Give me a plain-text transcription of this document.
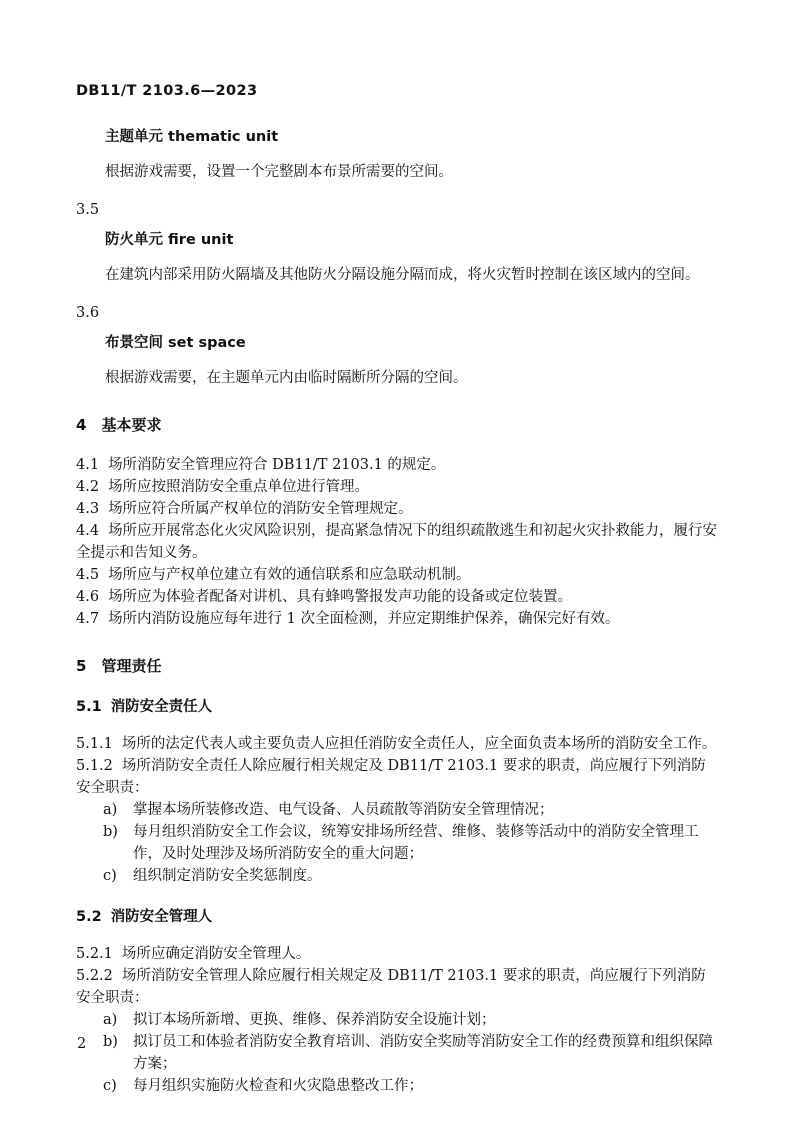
DB11/T 2103.6—2023
主题单元 thematic unit

根据游戏需要，设置一个完整剧本布景所需要的空间。

3.5

防火单元 fire unit

在建筑内部采用防火隔墙及其他防火分隔设施分隔而成，将火灾暂时控制在该区域内的空间。

3.6

布景空间 set space

根据游戏需要，在主题单元内由临时隔断所分隔的空间。

4 基本要求

4.1 场所消防安全管理应符合 DB11/T 2103.1 的规定。

4.2 场所应按照消防安全重点单位进行管理。

4.3 场所应符合所属产权单位的消防安全管理规定。

4.4 场所应开展常态化火灾风险识别，提高紧急情况下的组织疏散逃生和初起火灾扑救能力，履行安全提示和告知义务。

4.5 场所应与产权单位建立有效的通信联系和应急联动机制。

4.6 场所应为体验者配备对讲机、具有蜂鸣警报发声功能的设备或定位装置。

4.7 场所内消防设施应每年进行 1 次全面检测，并应定期维护保养，确保完好有效。

5 管理责任
5.1 消防安全责任人

5.1.1 场所的法定代表人或主要负责人应担任消防安全责任人，应全面负责本场所的消防安全工作。

5.1.2 场所消防安全责任人除应履行相关规定及 DB11/T 2103.1 要求的职责，尚应履行下列消防安全职责：

a)	掌握本场所装修改造、电气设备、人员疏散等消防安全管理情况；
b)	每月组织消防安全工作会议，统筹安排场所经营、维修、装修等活动中的消防安全管理工作，及时处理涉及场所消防安全的重大问题；
c)	组织制定消防安全奖惩制度。
5.2 消防安全管理人

5.2.1 场所应确定消防安全管理人。

5.2.2 场所消防安全管理人除应履行相关规定及 DB11/T 2103.1 要求的职责，尚应履行下列消防安全职责：

a)	拟订本场所新增、更换、维修、保养消防安全设施计划；
b)	拟订员工和体验者消防安全教育培训、消防安全奖励等消防安全工作的经费预算和组织保障方案；
c)	每月组织实施防火检查和火灾隐患整改工作；
2
